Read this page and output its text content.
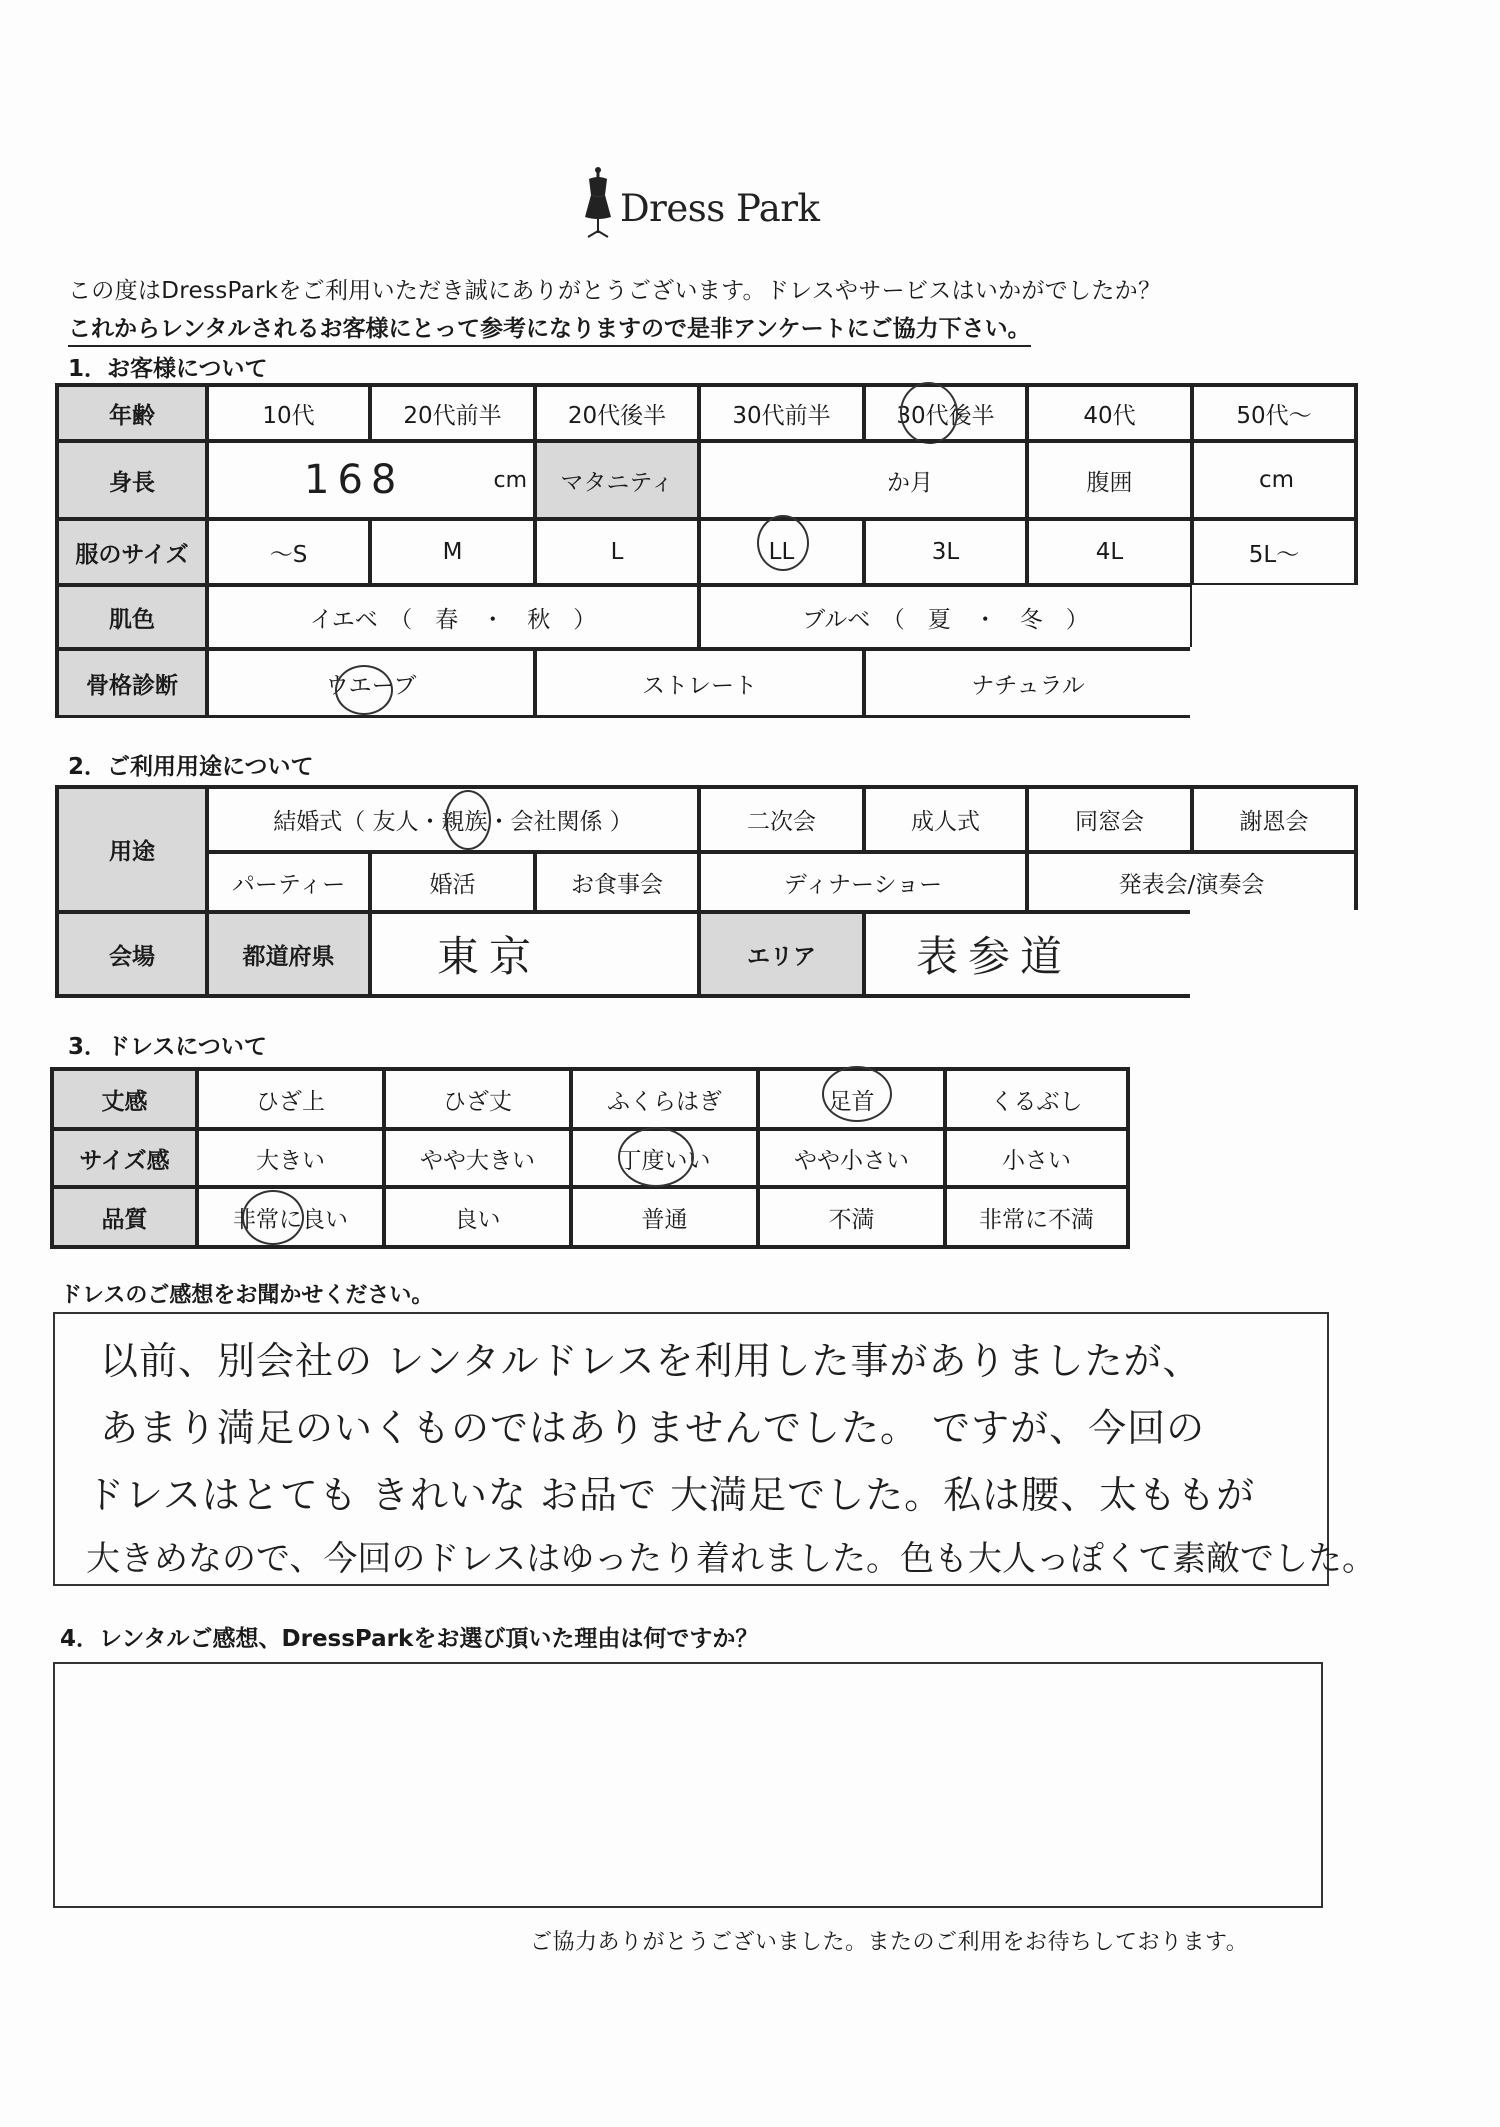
Dress Park
この度はDressParkをご利用いただき誠にありがとうございます。ドレスやサービスはいかがでしたか？
これからレンタルされるお客様にとって参考になりますので是非アンケートにご協力下さい。
1．お客様について
年齢	10代	20代前半	20代後半	30代前半	30代後半	40代	50代〜
身長	168	cm	マタニティ	か月	腹囲	cm
服のサイズ	〜S	M	L	LL	3L	4L	5L〜
肌色	イエベ　（　春　・　秋　）	ブルベ　（　夏　・　冬　）
骨格診断	ウエーブ	ストレート	ナチュラル
2．ご利用用途について
用途
結婚式（ 友人・親族・会社関係 ）	二次会	成人式	同窓会	謝恩会
パーティー	婚活	お食事会	ディナーショー	発表会/演奏会
会場	都道府県	東京	エリア	表参道
3．ドレスについて
丈感	ひざ上	ひざ丈	ふくらはぎ	足首	くるぶし
サイズ感	大きい	やや大きい	丁度いい	やや小さい	小さい
品質	非常に良い	良い	普通	不満	非常に不満
ドレスのご感想をお聞かせください。
以前、別会社の レンタルドレスを利用した事がありましたが、
あまり満足のいくものではありませんでした。 ですが、今回の
ドレスはとても きれいな お品で 大満足でした。私は腰、太ももが
大きめなので、今回のドレスはゆったり着れました。色も大人っぽくて素敵でした。
4．レンタルご感想、DressParkをお選び頂いた理由は何ですか？
ご協力ありがとうございました。またのご利用をお待ちしております。
